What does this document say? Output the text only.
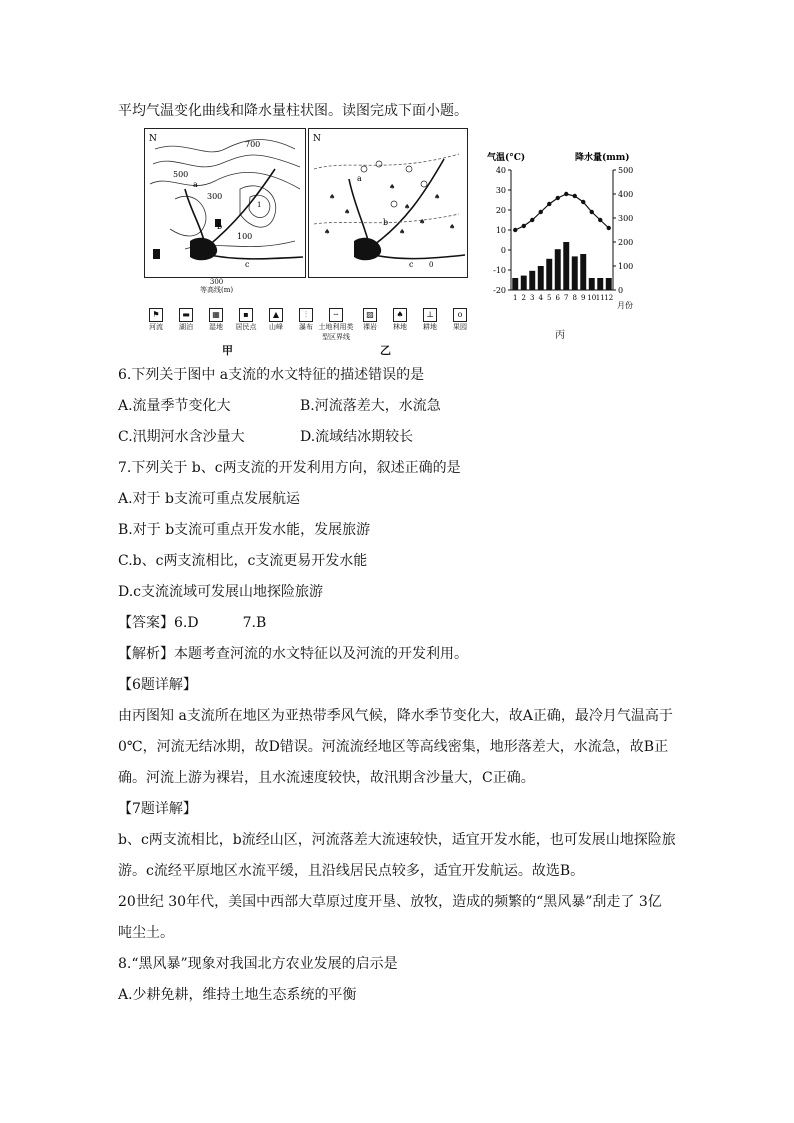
平均气温变化曲线和降水量柱状图。读图完成下面小题。
N
700
500
300
1
100
a
b
c
300
等高线(m)
♠
♠
♠
♠
♠
♠
♠	♠
♠
N
a
b
c 0
⚑
河流
▬
湖泊
▦
湿地
▪
居民点
▲
山峰
⫶
瀑布
╌
土地利用类型区界线
▨
裸岩
♠
林地
⊥
耕地
ᴏ
果园
甲	乙
气温(°C)	降水量(mm)
月份
40
30
20
10
0
-10
-20
500
400
300
200
100
0
1 2 3 4 5 6 7 8 9 10 11 12
丙
6.下列关于图中 a支流的水文特征的描述错误的是
A.流量季节变化大	B.河流落差大，水流急
C.汛期河水含沙量大	D.流域结冰期较长
7.下列关于 b、c两支流的开发利用方向，叙述正确的是
A.对于 b支流可重点发展航运
B.对于 b支流可重点开发水能，发展旅游
C.b、c两支流相比，c支流更易开发水能
D.c支流流域可发展山地探险旅游
【答案】6.D	7.B
【解析】本题考查河流的水文特征以及河流的开发利用。
【6题详解】
由丙图知 a支流所在地区为亚热带季风气候，降水季节变化大，故A正确，最冷月气温高于
0℃，河流无结冰期，故D错误。河流流经地区等高线密集，地形落差大，水流急，故B正
确。河流上游为裸岩，且水流速度较快，故汛期含沙量大，C正确。
【7题详解】
b、c两支流相比，b流经山区，河流落差大流速较快，适宜开发水能，也可发展山地探险旅
游。c流经平原地区水流平缓，且沿线居民点较多，适宜开发航运。故选B。
20世纪 30年代，美国中西部大草原过度开垦、放牧，造成的频繁的“黑风暴”刮走了 3亿
吨尘土。
8.“黑风暴”现象对我国北方农业发展的启示是
A.少耕免耕，维持土地生态系统的平衡
